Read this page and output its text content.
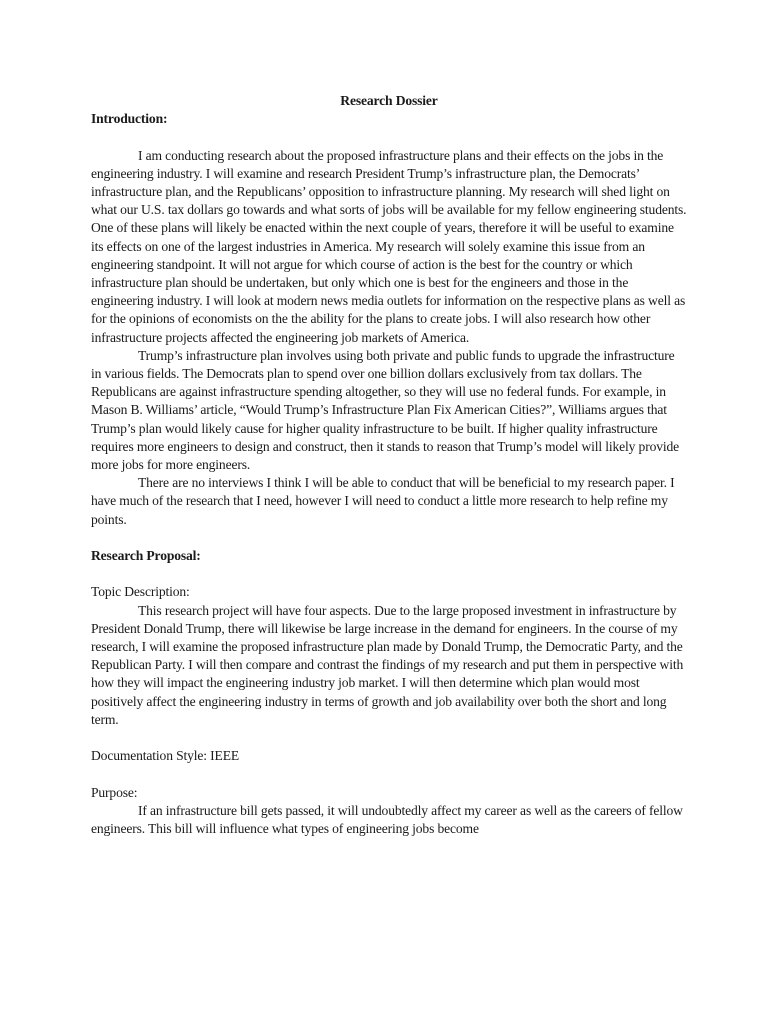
Research Dossier

Introduction:

I am conducting research about the proposed infrastructure plans and their effects on the jobs in the engineering industry. I will examine and research President Trump’s infrastructure plan, the Democrats’ infrastructure plan, and the Republicans’ opposition to infrastructure planning. My research will shed light on what our U.S. tax dollars go towards and what sorts of jobs will be available for my fellow engineering students. One of these plans will likely be enacted within the next couple of years, therefore it will be useful to examine its effects on one of the largest industries in America. My research will solely examine this issue from an engineering standpoint. It will not argue for which course of action is the best for the country or which infrastructure plan should be undertaken, but only which one is best for the engineers and those in the engineering industry. I will look at modern news media outlets for information on the respective plans as well as for the opinions of economists on the the ability for the plans to create jobs. I will also research how other infrastructure projects affected the engineering job markets of America.

Trump’s infrastructure plan involves using both private and public funds to upgrade the infrastructure in various fields. The Democrats plan to spend over one billion dollars exclusively from tax dollars. The Republicans are against infrastructure spending altogether, so they will use no federal funds. For example, in Mason B. Williams’ article, “Would Trump’s Infrastructure Plan Fix American Cities?”, Williams argues that Trump’s plan would likely cause for higher quality infrastructure to be built. If higher quality infrastructure requires more engineers to design and construct, then it stands to reason that Trump’s model will likely provide more jobs for more engineers.

There are no interviews I think I will be able to conduct that will be beneficial to my research paper. I have much of the research that I need, however I will need to conduct a little more research to help refine my points.

Research Proposal:

Topic Description:

This research project will have four aspects. Due to the large proposed investment in infrastructure by President Donald Trump, there will likewise be large increase in the demand for engineers. In the course of my research, I will examine the proposed infrastructure plan made by Donald Trump, the Democratic Party, and the Republican Party. I will then compare and contrast the findings of my research and put them in perspective with how they will impact the engineering industry job market. I will then determine which plan would most positively affect the engineering industry in terms of growth and job availability over both the short and long term.

Documentation Style: IEEE

Purpose:

If an infrastructure bill gets passed, it will undoubtedly affect my career as well as the careers of fellow engineers. This bill will influence what types of engineering jobs become
